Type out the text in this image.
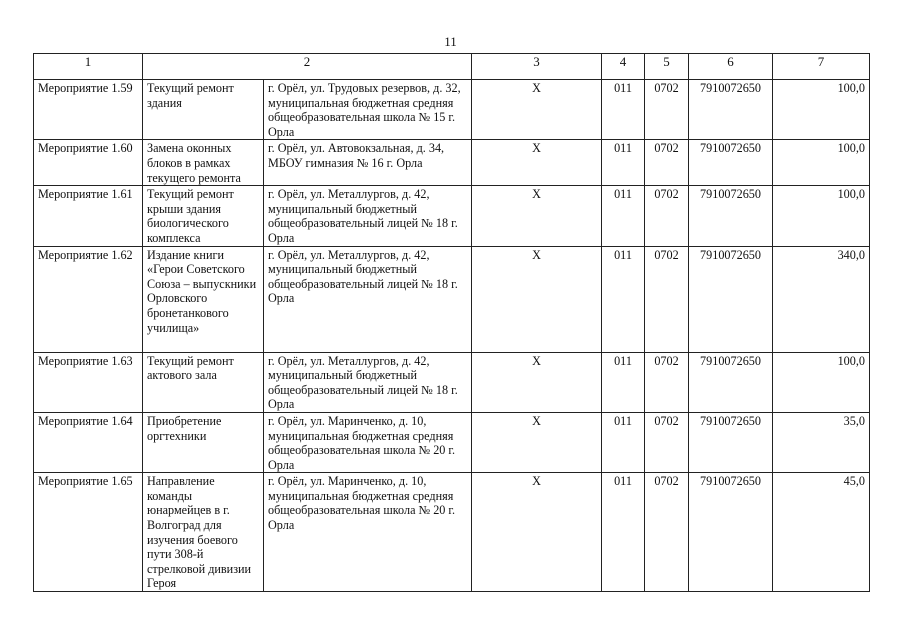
11
1	2		3	4	5	6	7
Мероприятие 1.59	Текущий ремонт здания	г. Орёл, ул. Трудовых резервов, д. 32, муниципальная бюджетная средняя общеобразовательная школа № 15 г. Орла	X	011	0702	7910072650	100,0
Мероприятие 1.60	Замена оконных блоков в рамках текущего ремонта	г. Орёл, ул. Автовокзальная, д. 34, МБОУ гимназия № 16 г. Орла	X	011	0702	7910072650	100,0
Мероприятие 1.61	Текущий ремонт крыши здания биологического комплекса	г. Орёл, ул. Металлургов, д. 42, муниципальный бюджетный общеобразовательный лицей № 18 г. Орла	X	011	0702	7910072650	100,0
Мероприятие 1.62	Издание книги «Герои Советского Союза – выпускники Орловского бронетанкового училища»	г. Орёл, ул. Металлургов, д. 42, муниципальный бюджетный общеобразовательный лицей № 18 г. Орла	X	011	0702	7910072650	340,0
Мероприятие 1.63	Текущий ремонт актового зала	г. Орёл, ул. Металлургов, д. 42, муниципальный бюджетный общеобразовательный лицей № 18 г. Орла	X	011	0702	7910072650	100,0
Мероприятие 1.64	Приобретение оргтехники	г. Орёл, ул. Маринченко, д. 10, муниципальная бюджетная средняя общеобразовательная школа № 20 г. Орла	X	011	0702	7910072650	35,0
Мероприятие 1.65	Направление команды юнармейцев в г. Волгоград для изучения боевого пути 308-й стрелковой дивизии Героя	г. Орёл, ул. Маринченко, д. 10, муниципальная бюджетная средняя общеобразовательная школа № 20 г. Орла	X	011	0702	7910072650	45,0
